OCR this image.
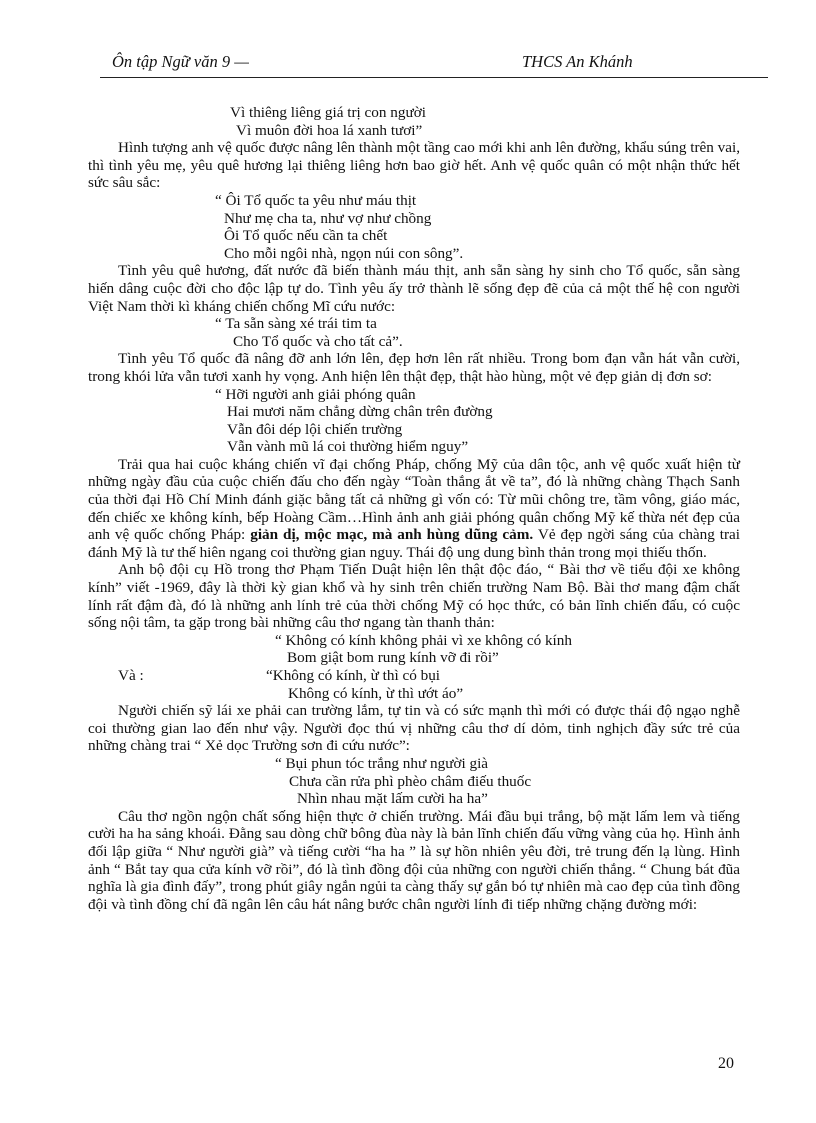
Ôn tập Ngữ văn 9 —	THCS An Khánh
Vì thiêng liêng giá trị con người
Vì muôn đời hoa lá xanh tươi”

Hình tượng anh vệ quốc được nâng lên thành một tầng cao mới khi anh lên đường, khẩu súng trên vai, thì tình yêu mẹ, yêu quê hương lại thiêng liêng hơn bao giờ hết. Anh vệ quốc quân có một nhận thức hết sức sâu sắc:

“ Ôi Tổ quốc ta yêu như máu thịt
Như mẹ cha ta, như vợ như chồng
Ôi Tổ quốc nếu cần ta chết
Cho mỗi ngôi nhà, ngọn núi con sông”.

Tình yêu quê hương, đất nước đã biến thành máu thịt, anh sẵn sàng hy sinh cho Tổ quốc, sẵn sàng hiến dâng cuộc đời cho độc lập tự do. Tình yêu ấy trở thành lẽ sống đẹp đẽ của cả một thế hệ con người Việt Nam thời kì kháng chiến chống Mĩ cứu nước:

“ Ta sẵn sàng xé trái tim ta
Cho Tổ quốc và cho tất cả”.

Tình yêu Tổ quốc đã nâng đỡ anh lớn lên, đẹp hơn lên rất nhiều. Trong bom đạn vẫn hát vẫn cười, trong khói lửa vẫn tươi xanh hy vọng. Anh hiện lên thật đẹp, thật hào hùng, một vẻ đẹp giản dị đơn sơ:

“ Hỡi người anh giải phóng quân
Hai mươi năm chẳng dừng chân trên đường
Vẫn đôi dép lội chiến trường
Vẫn vành mũ lá coi thường hiểm nguy”

Trải qua hai cuộc kháng chiến vĩ đại chống Pháp, chống Mỹ của dân tộc, anh vệ quốc xuất hiện từ những ngày đầu của cuộc chiến đấu cho đến ngày “Toàn thắng ắt về ta”, đó là những chàng Thạch Sanh của thời đại Hồ Chí Minh đánh giặc bằng tất cả những gì vốn có: Từ mũi chông tre, tầm vông, giáo mác, đến chiếc xe không kính, bếp Hoàng Cầm…Hình ảnh anh giải phóng quân chống Mỹ kế thừa nét đẹp của anh vệ quốc chống Pháp: giản dị, mộc mạc, mà anh hùng dũng cảm. Vẻ đẹp ngời sáng của chàng trai đánh Mỹ là tư thế hiên ngang coi thường gian nguy. Thái độ ung dung bình thản trong mọi thiếu thốn.

Anh bộ đội cụ Hồ trong thơ Phạm Tiến Duật hiện lên thật độc đáo, “ Bài thơ về tiểu đội xe không kính” viết -1969, đây là thời kỳ gian khổ và hy sinh trên chiến trường Nam Bộ. Bài thơ mang đậm chất lính rất đậm đà, đó là những anh lính trẻ của thời chống Mỹ có học thức, có bản lĩnh chiến đấu, có cuộc sống nội tâm, ta gặp trong bài những câu thơ ngang tàn thanh thản:

“ Không có kính không phải vì xe không có kính
Bom giật bom rung kính vỡ đi rồi”
Và :	“Không có kính, ừ thì có bụi
Không có kính, ừ thì ướt áo”

Người chiến sỹ lái xe phải can trường lắm, tự tin và có sức mạnh thì mới có được thái độ ngạo nghễ coi thường gian lao đến như vậy. Người đọc thú vị những câu thơ dí dỏm, tinh nghịch đầy sức trẻ của những chàng trai “ Xẻ dọc Trường sơn đi cứu nước”:

“ Bụi phun tóc trắng như người già
Chưa cần rửa phì phèo châm điếu thuốc
Nhìn nhau mặt lấm cười ha ha”

Câu thơ ngồn ngộn chất sống hiện thực ở chiến trường. Mái đầu bụi trắng, bộ mặt lấm lem và tiếng cười ha ha sảng khoái. Đằng sau dòng chữ bông đùa này là bản lĩnh chiến đấu vững vàng của họ. Hình ảnh đối lập giữa “ Như người già” và tiếng cười “ha ha ” là sự hồn nhiên yêu đời, trẻ trung đến lạ lùng. Hình ảnh “ Bắt tay qua cửa kính vỡ rồi”, đó là tình đồng đội của những con người chiến thắng. “ Chung bát đũa nghĩa là gia đình đấy”, trong phút giây ngắn ngủi ta càng thấy sự gắn bó tự nhiên mà cao đẹp của tình đồng đội và tình đồng chí đã ngân lên câu hát nâng bước chân người lính đi tiếp những chặng đường mới:

20
